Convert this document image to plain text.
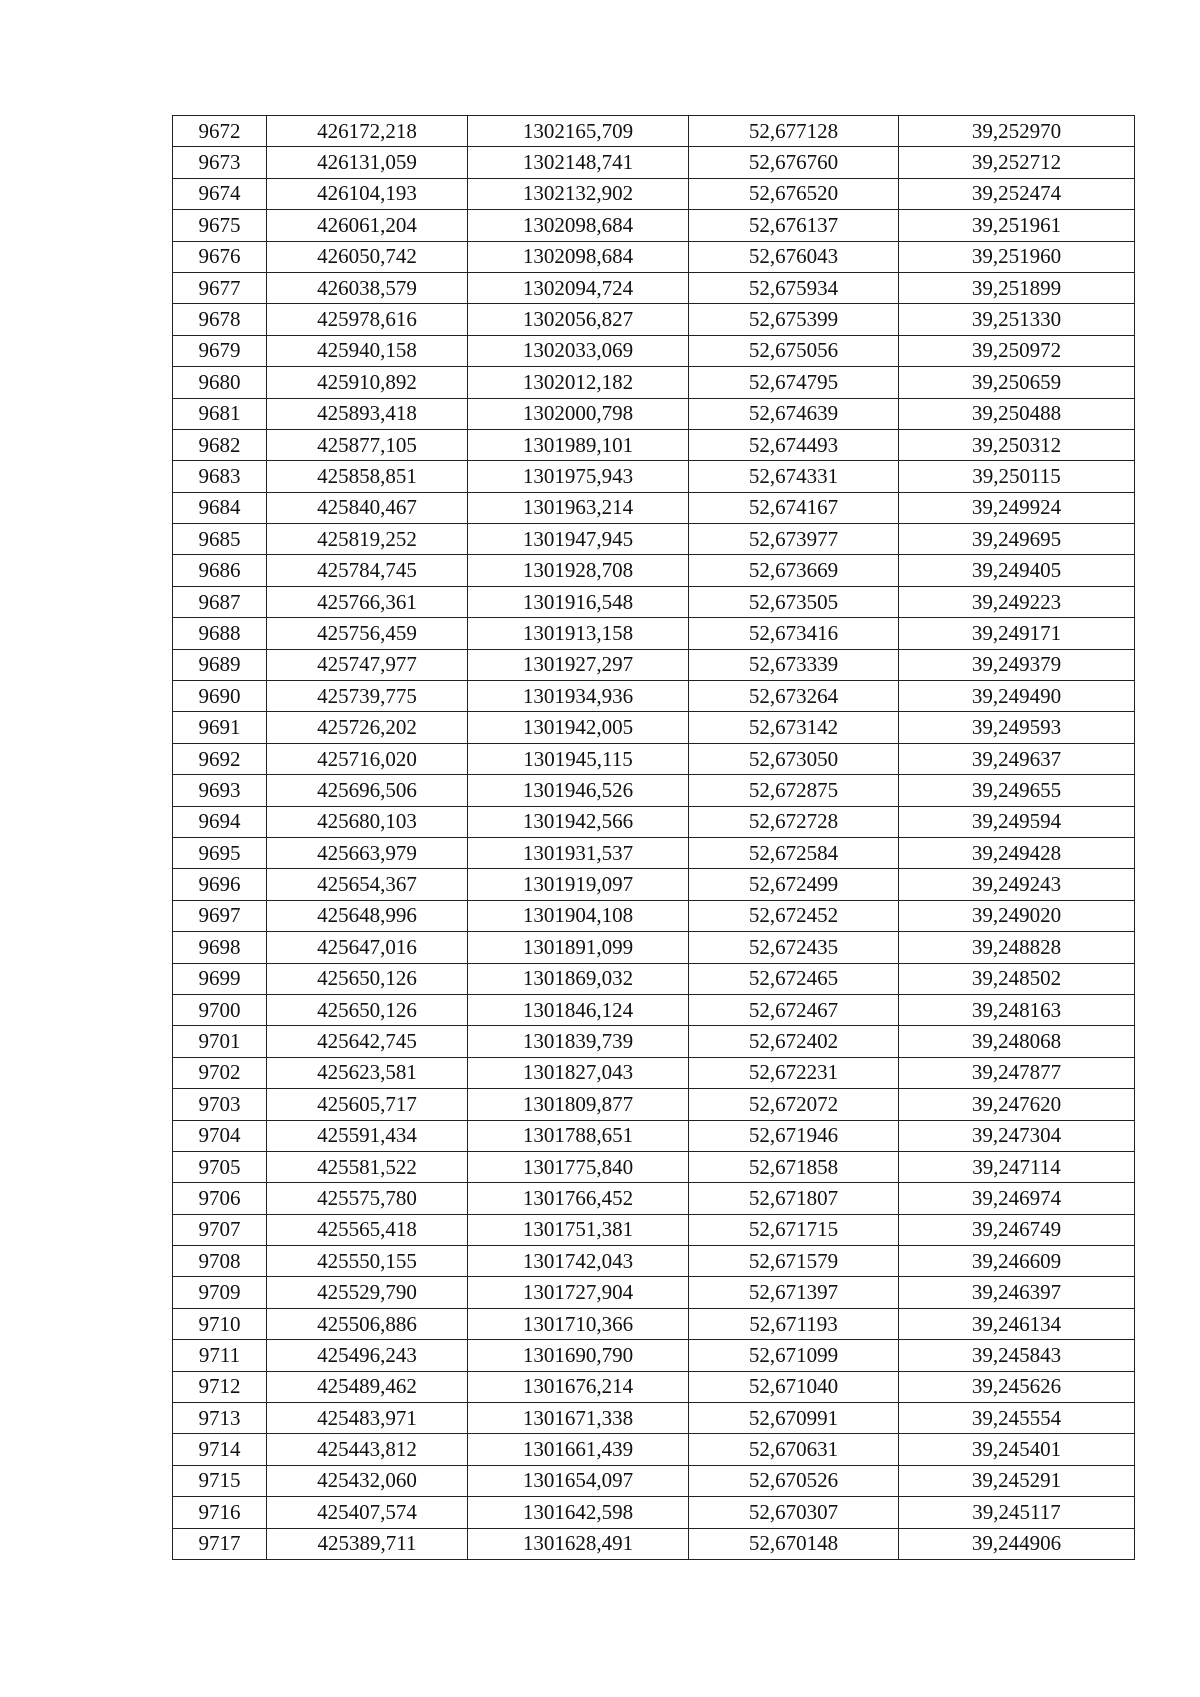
9672	426172,218	1302165,709	52,677128	39,252970
9673	426131,059	1302148,741	52,676760	39,252712
9674	426104,193	1302132,902	52,676520	39,252474
9675	426061,204	1302098,684	52,676137	39,251961
9676	426050,742	1302098,684	52,676043	39,251960
9677	426038,579	1302094,724	52,675934	39,251899
9678	425978,616	1302056,827	52,675399	39,251330
9679	425940,158	1302033,069	52,675056	39,250972
9680	425910,892	1302012,182	52,674795	39,250659
9681	425893,418	1302000,798	52,674639	39,250488
9682	425877,105	1301989,101	52,674493	39,250312
9683	425858,851	1301975,943	52,674331	39,250115
9684	425840,467	1301963,214	52,674167	39,249924
9685	425819,252	1301947,945	52,673977	39,249695
9686	425784,745	1301928,708	52,673669	39,249405
9687	425766,361	1301916,548	52,673505	39,249223
9688	425756,459	1301913,158	52,673416	39,249171
9689	425747,977	1301927,297	52,673339	39,249379
9690	425739,775	1301934,936	52,673264	39,249490
9691	425726,202	1301942,005	52,673142	39,249593
9692	425716,020	1301945,115	52,673050	39,249637
9693	425696,506	1301946,526	52,672875	39,249655
9694	425680,103	1301942,566	52,672728	39,249594
9695	425663,979	1301931,537	52,672584	39,249428
9696	425654,367	1301919,097	52,672499	39,249243
9697	425648,996	1301904,108	52,672452	39,249020
9698	425647,016	1301891,099	52,672435	39,248828
9699	425650,126	1301869,032	52,672465	39,248502
9700	425650,126	1301846,124	52,672467	39,248163
9701	425642,745	1301839,739	52,672402	39,248068
9702	425623,581	1301827,043	52,672231	39,247877
9703	425605,717	1301809,877	52,672072	39,247620
9704	425591,434	1301788,651	52,671946	39,247304
9705	425581,522	1301775,840	52,671858	39,247114
9706	425575,780	1301766,452	52,671807	39,246974
9707	425565,418	1301751,381	52,671715	39,246749
9708	425550,155	1301742,043	52,671579	39,246609
9709	425529,790	1301727,904	52,671397	39,246397
9710	425506,886	1301710,366	52,671193	39,246134
9711	425496,243	1301690,790	52,671099	39,245843
9712	425489,462	1301676,214	52,671040	39,245626
9713	425483,971	1301671,338	52,670991	39,245554
9714	425443,812	1301661,439	52,670631	39,245401
9715	425432,060	1301654,097	52,670526	39,245291
9716	425407,574	1301642,598	52,670307	39,245117
9717	425389,711	1301628,491	52,670148	39,244906
